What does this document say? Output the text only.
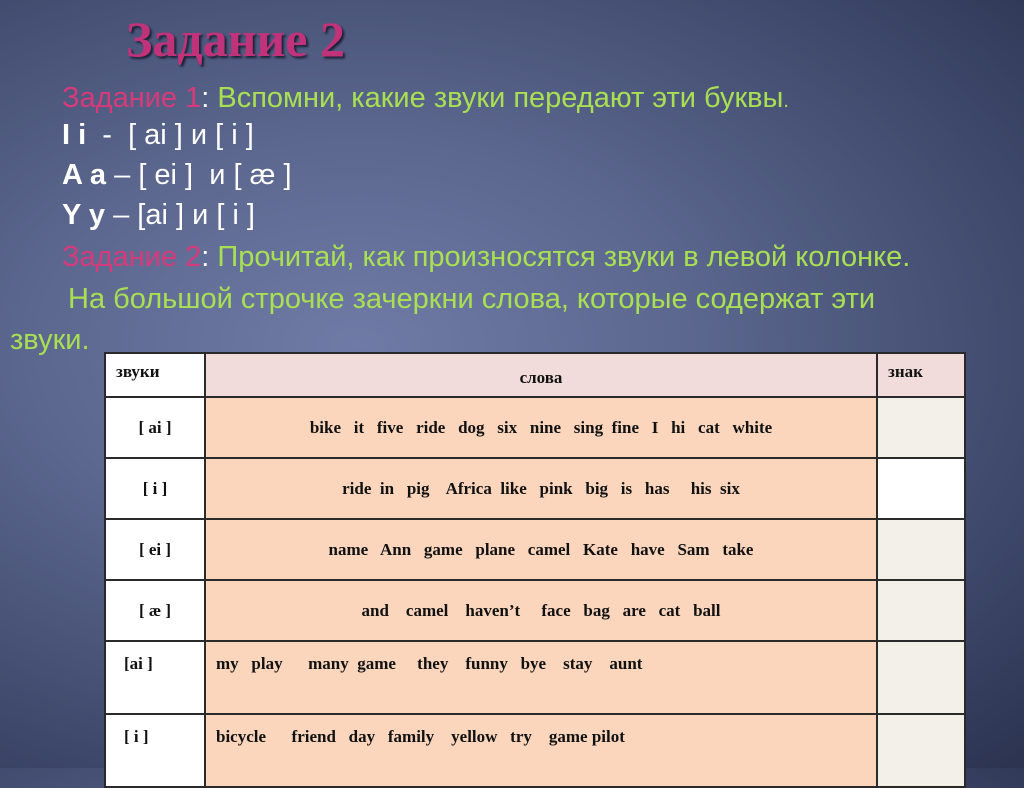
Задание 2
Задание 1: Вспомни, какие звуки передают эти буквы.
I i  -  [ ai ] и [ i ]
A a – [ ei ]  и [ æ ]
Y y – [ai ] и [ i ]
Задание 2: Прочитай, как произносятся звуки в левой колонке.
На большой строчке зачеркни слова, которые содержат эти
звуки.
звуки	слова	знак
[ ai ]	bike   it   five   ride   dog   six   nine   sing  fine   I   hi   cat   white	
[ i ]	ride  in   pig    Africa  like   pink   big   is   has     his  six	
[ ei ]	name   Ann   game   plane   camel   Kate   have   Sam   take	
[ æ ]	and    camel    haven’t     face   bag   are   cat   ball	
[ai ]	my   play      many  game     they    funny   bye    stay    aunt	
[ i ]	bicycle      friend   day   family    yellow   try    game pilot	
